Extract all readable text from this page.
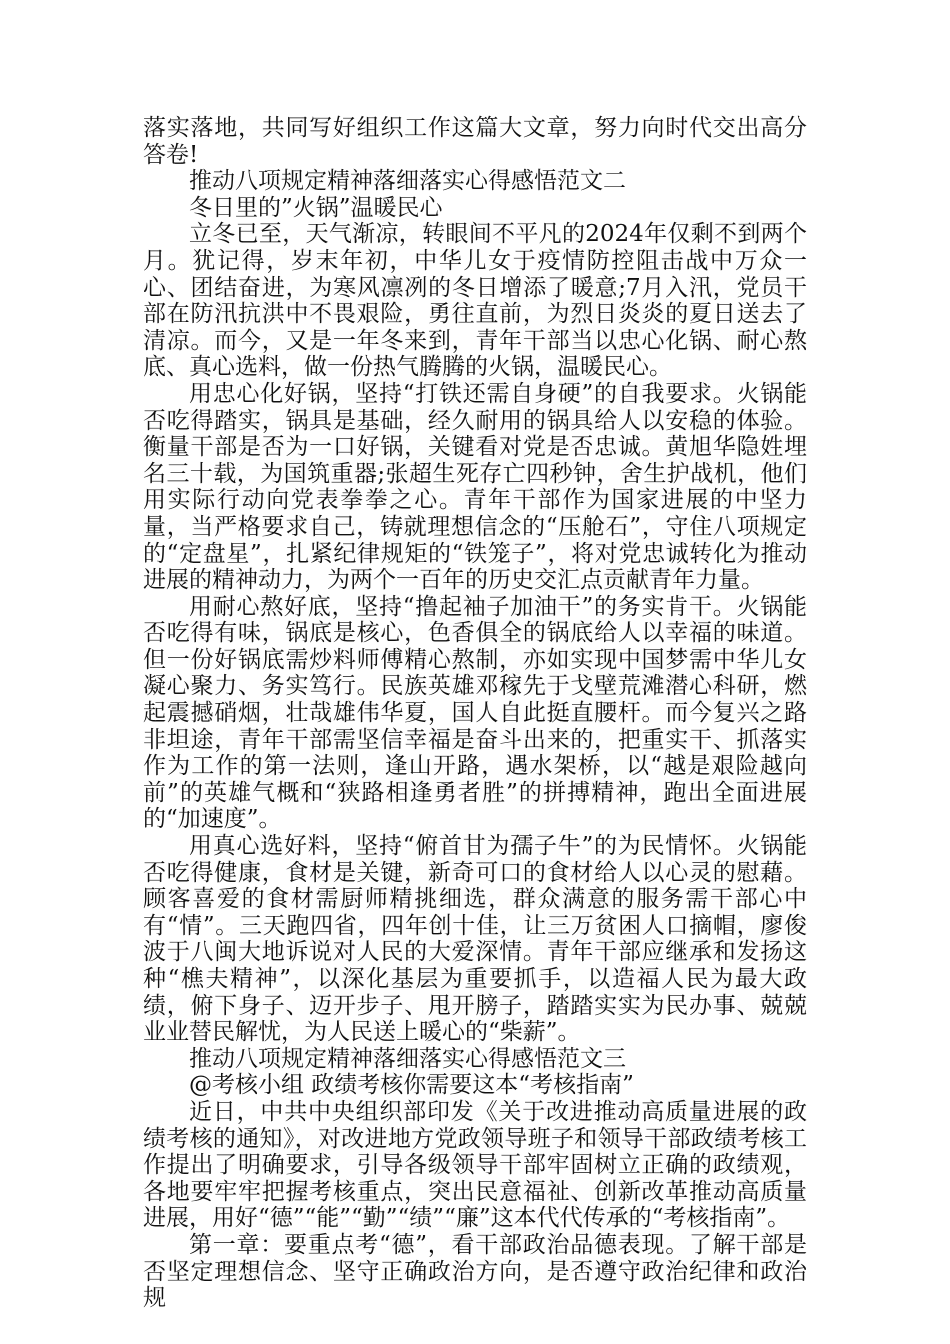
落实落地，共同写好组织工作这篇大文章，努力向时代交出高分答卷!

推动八项规定精神落细落实心得感悟范文二

冬日里的”火锅”温暖民心

立冬已至，天气渐凉，转眼间不平凡的2024年仅剩不到两个月。犹记得，岁末年初，中华儿女于疫情防控阻击战中万众一心、团结奋进，为寒风凛冽的冬日增添了暖意;7月入汛，党员干部在防汛抗洪中不畏艰险，勇往直前，为烈日炎炎的夏日送去了清凉。而今，又是一年冬来到，青年干部当以忠心化锅、耐心熬底、真心选料，做一份热气腾腾的火锅，温暖民心。

用忠心化好锅，坚持“打铁还需自身硬”的自我要求。火锅能否吃得踏实，锅具是基础，经久耐用的锅具给人以安稳的体验。衡量干部是否为一口好锅，关键看对党是否忠诚。黄旭华隐姓埋名三十载，为国筑重器;张超生死存亡四秒钟，舍生护战机，他们用实际行动向党表拳拳之心。青年干部作为国家进展的中坚力量，当严格要求自己，铸就理想信念的“压舱石”，守住八项规定的“定盘星”，扎紧纪律规矩的“铁笼子”，将对党忠诚转化为推动进展的精神动力，为两个一百年的历史交汇点贡献青年力量。

用耐心熬好底，坚持“撸起袖子加油干”的务实肯干。火锅能否吃得有味，锅底是核心，色香俱全的锅底给人以幸福的味道。但一份好锅底需炒料师傅精心熬制，亦如实现中国梦需中华儿女凝心聚力、务实笃行。民族英雄邓稼先于戈壁荒滩潜心科研，燃起震撼硝烟，壮哉雄伟华夏，国人自此挺直腰杆。而今复兴之路非坦途，青年干部需坚信幸福是奋斗出来的，把重实干、抓落实作为工作的第一法则，逢山开路，遇水架桥，以“越是艰险越向前”的英雄气概和“狭路相逢勇者胜”的拼搏精神，跑出全面进展的“加速度”。

用真心选好料，坚持“俯首甘为孺子牛”的为民情怀。火锅能否吃得健康，食材是关键，新奇可口的食材给人以心灵的慰藉。顾客喜爱的食材需厨师精挑细选，群众满意的服务需干部心中有“情”。三天跑四省，四年创十佳，让三万贫困人口摘帽，廖俊波于八闽大地诉说对人民的大爱深情。青年干部应继承和发扬这种“樵夫精神”，以深化基层为重要抓手，以造福人民为最大政绩，俯下身子、迈开步子、甩开膀子，踏踏实实为民办事、兢兢业业替民解忧，为人民送上暖心的“柴薪”。

推动八项规定精神落细落实心得感悟范文三

@考核小组 政绩考核你需要这本“考核指南”

近日，中共中央组织部印发《关于改进推动高质量进展的政绩考核的通知》，对改进地方党政领导班子和领导干部政绩考核工作提出了明确要求，引导各级领导干部牢固树立正确的政绩观，各地要牢牢把握考核重点，突出民意福祉、创新改革推动高质量进展，用好“德”“能”“勤”“绩”“廉”这本代代传承的“考核指南”。

第一章：要重点考“德”，看干部政治品德表现。了解干部是否坚定理想信念、坚守正确政治方向，是否遵守政治纪律和政治规
